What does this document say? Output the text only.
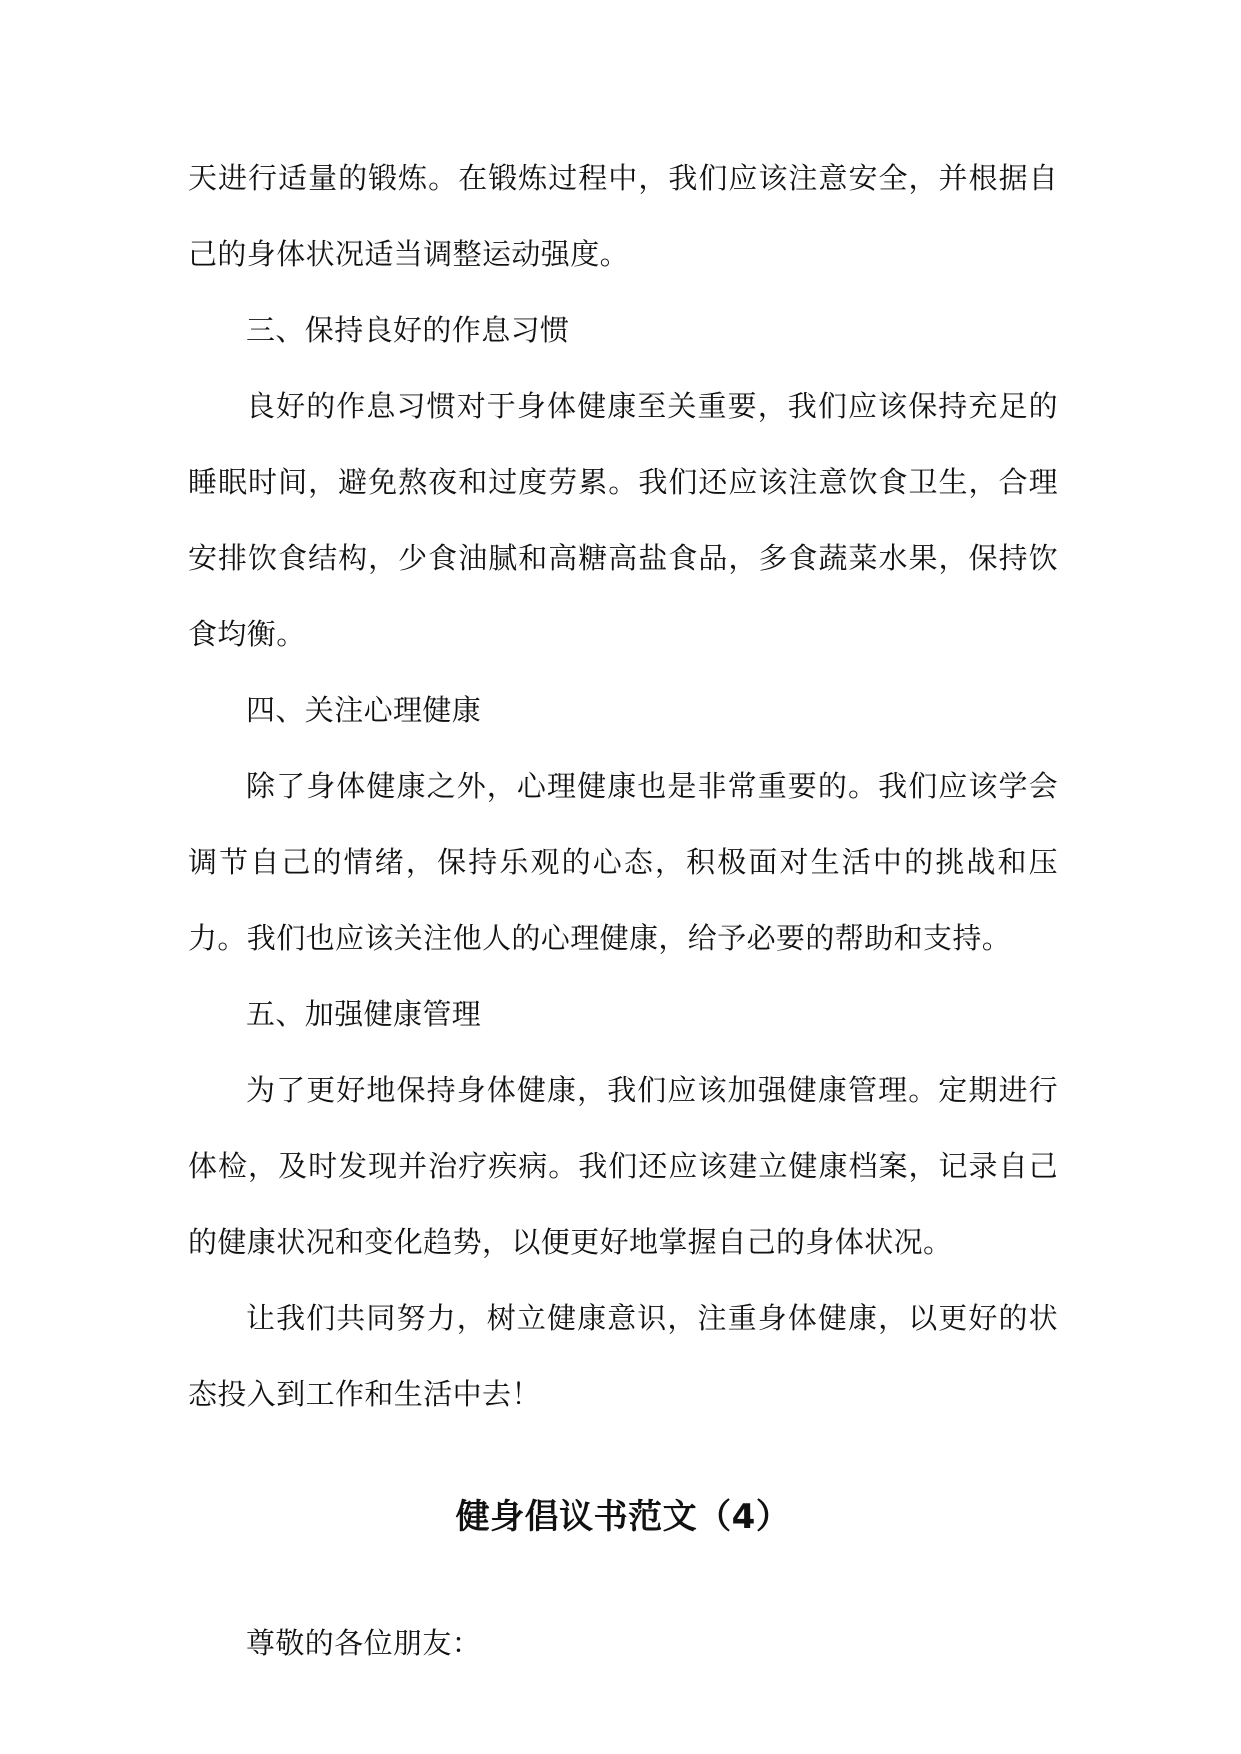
天进行适量的锻炼。在锻炼过程中，我们应该注意安全，并根据自己的身体状况适当调整运动强度。

三、保持良好的作息习惯

良好的作息习惯对于身体健康至关重要，我们应该保持充足的睡眠时间，避免熬夜和过度劳累。我们还应该注意饮食卫生，合理安排饮食结构，少食油腻和高糖高盐食品，多食蔬菜水果，保持饮食均衡。

四、关注心理健康

除了身体健康之外，心理健康也是非常重要的。我们应该学会调节自己的情绪，保持乐观的心态，积极面对生活中的挑战和压力。我们也应该关注他人的心理健康，给予必要的帮助和支持。

五、加强健康管理

为了更好地保持身体健康，我们应该加强健康管理。定期进行体检，及时发现并治疗疾病。我们还应该建立健康档案，记录自己的健康状况和变化趋势，以便更好地掌握自己的身体状况。

让我们共同努力，树立健康意识，注重身体健康，以更好的状态投入到工作和生活中去！

健身倡议书范文（4）

尊敬的各位朋友：
